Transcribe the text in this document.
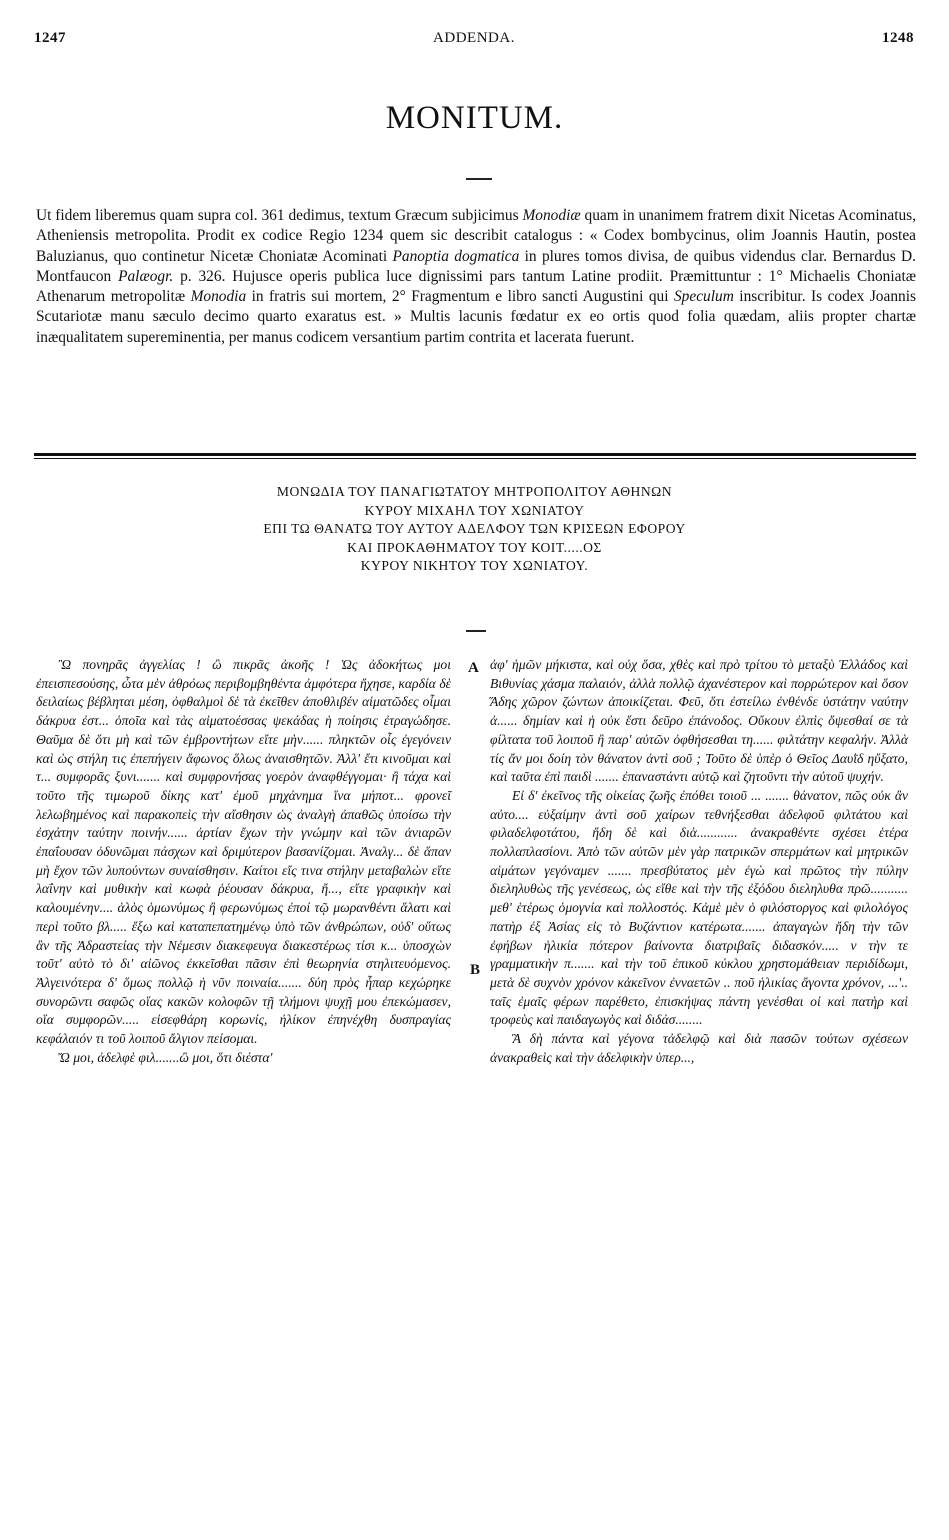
1247	ADDENDA.	1248
MONITUM.

Ut fidem liberemus quam supra col. 361 dedimus, textum Græcum subjicimus Monodiæ quam in unanimem fratrem dixit Nicetas Acominatus, Atheniensis metropolita. Prodit ex codice Regio 1234 quem sic describit catalogus : « Codex bombycinus, olim Joannis Hautin, postea Baluzianus, quo continetur Nicetæ Choniatæ Acominati Panoptia dogmatica in plures tomos divisa, de quibus videndus clar. Bernardus D. Montfaucon Palæogr. p. 326. Hujusce operis publica luce dignissimi pars tantum Latine prodiit. Præmittuntur : 1° Michaelis Choniatæ Athenarum metropolitæ Monodia in fratris sui mortem, 2° Fragmentum e libro sancti Augustini qui Speculum inscribitur. Is codex Joannis Scutariotæ manu sæculo decimo quarto exaratus est. » Multis lacunis fœdatur ex eo ortis quod folia quædam, aliis propter chartæ inæqualitatem supereminentia, per manus codicem versantium partim contrita et lacerata fuerunt.

ΜΟΝΩΔΙΑ ΤΟΥ ΠΑΝΑΓΙΩΤΑΤΟΥ ΜΗΤΡΟΠΟΛΙΤΟΥ ΑΘΗΝΩΝ
ΚΥΡΟΥ ΜΙΧΑΗΛ ΤΟΥ ΧΩΝΙΑΤΟΥ
ΕΠΙ ΤΩ ΘΑΝΑΤΩ ΤΟΥ ΑΥΤΟΥ ΑΔΕΛΦΟΥ ΤΩΝ ΚΡΙΣΕΩΝ ΕΦΟΡΟΥ
ΚΑΙ ΠΡΟΚΑΘΗΜΑΤΟΥ ΤΟΥ ΚΟΙΤ.....ΟΣ
ΚΥΡΟΥ ΝΙΚΗΤΟΥ ΤΟΥ ΧΩΝΙΑΤΟΥ.

Ὢ πονηρᾶς ἀγγελίας ! ὢ πικρᾶς ἀκοῆς ! Ὡς ἀδοκήτως μοι ἐπεισπεσούσης, ὦτα μὲν ἀθρόως περιβομβηθέντα ἀμφότερα ἤχησε, καρδία δὲ δειλαίως βέβληται μέση, ὀφθαλμοὶ δὲ τὰ ἐκεῖθεν ἀποθλιβέν αἱματῶδες οἶμαι δάκρυα ἐστ... ὁποῖα καὶ τὰς αἱματοέσσας ψεκάδας ἡ ποίησις ἐτραγώδησε. Θαῦμα δὲ ὅτι μὴ καὶ τῶν ἐμβροντήτων εἴτε μὴν...... πληκτῶν οἷς ἐγεγόνειν καὶ ὡς στήλη τις ἐπεπήγειν ἄφωνος ὅλως ἀναισθητῶν. Ἀλλ' ἔτι κινοῦμαι καὶ τ... συμφορᾶς ξυνι....... καὶ συμφρονήσας γοερὸν ἀναφθέγγομαι· ἢ τάχα καὶ τοῦτο τῆς τιμωροῦ δίκης κατ' ἐμοῦ μηχάνημα ἵνα μήποτ... φρονεῖ λελωβημένος καὶ παρακοπεὶς τὴν αἴσθησιν ὡς ἀναλγὴ ἀπαθῶς ὑποίσω τὴν ἐσχάτην ταύτην ποινήν...... ἀρτίαν ἔχων τὴν γνώμην καὶ τῶν ἀνιαρῶν ἐπαΐουσαν ὀδυνῶμαι πάσχων καὶ δριμύτερον βασανίζομαι. Ἀναλγ... δὲ ἅπαν μὴ ἔχον τῶν λυπούντων συναίσθησιν. Καίτοι εἴς τινα στήλην μεταβαλὼν εἴτε λαΐνην καὶ μυθικὴν καὶ κωφὰ ῥέουσαν δάκρυα, ἤ..., εἴτε γραφικὴν καὶ καλουμένην.... ἁλὸς ὁμωνύμως ἢ φερωνύμως ἐποί τῷ μωρανθέντι ἅλατι καὶ περὶ τοῦτο βλ..... ἔξω καὶ καταπεπατημένῳ ὑπὸ τῶν ἀνθρώπων, οὐδ' οὕτως ἂν τῆς Ἀδραστείας τὴν Νέμεσιν διακεφευγα διακεστέρως τίσι κ... ὑποσχὼν τοῦτ' αὐτὸ τὸ δι' αἰῶνος ἐκκεῖσθαι πᾶσιν ἐπὶ θεωρηνία στηλιτευόμενος. Ἀλγεινότερα δ' ὅμως πολλῷ ἡ νῦν ποιναία....... δύη πρὸς ἧπαρ κεχώρηκε συνορῶντι σαφῶς οἵας κακῶν κολοφῶν τῇ τλήμονι ψυχῇ μου ἐπεκώμασεν, οἵα συμφορῶν..... εἰσεφθάρη κορωνίς, ἠλίκον ἐπηνέχθη δυσπραγίας κεφάλαιόν τι τοῦ λοιποῦ ἄλγιον πείσομαι.

Ὤ μοι, ἀδελφὲ φιλ.......ὢ μοι, ὅτι διέστα'

A
B

ἀφ' ἡμῶν μήκιστα, καὶ οὐχ ὅσα, χθὲς καὶ πρὸ τρίτου τὸ μεταξὺ Ἑλλάδος καὶ Βιθυνίας χάσμα παλαιόν, ἀλλὰ πολλῷ ἀχανέστερον καὶ πορρώτερον καὶ ὅσον Ἅδης χῶρον ζώντων ἀποικίζεται. Φεῦ, ὅτι ἐστείλω ἐνθένδε ὑστάτην ναύτην ἀ...... δημίαν καὶ ἡ οὐκ ἔστι δεῦρο ἐπάνοδος. Οὔκουν ἐλπὶς ὄψεσθαί σε τὰ φίλτατα τοῦ λοιποῦ ἢ παρ' αὐτῶν ὀφθήσεσθαι τη...... φιλτάτην κεφαλήν. Ἀλλὰ τίς ἄν μοι δοίη τὸν θάνατον ἀντὶ σοῦ ; Τοῦτο δὲ ὑπὲρ ὁ Θεῖος Δαυῒδ ηὔξατο, καὶ ταῦτα ἐπὶ παιδὶ ....... ἐπαναστάντι αὐτῷ καὶ ζητοῦντι τὴν αὐτοῦ ψυχήν.

Εἰ δ' ἐκεῖνος τῆς οἰκείας ζωῆς ἐπόθει τοιοῦ ... ....... θάνατον, πῶς οὐκ ἂν αὐτο.... εὐξαίμην ἀντὶ σοῦ χαίρων τεθνήξεσθαι ἀδελφοῦ φιλτάτου καὶ φιλαδελφοτάτου, ἤδη δὲ καὶ διὰ............ ἀνακραθέντε σχέσει ἑτέρα πολλαπλασίονι. Ἀπὸ τῶν αὐτῶν μὲν γὰρ πατρικῶν σπερμάτων καὶ μητρικῶν αἱμάτων γεγόναμεν ....... πρεσβύτατος μὲν ἐγὼ καὶ πρῶτος τὴν πύλην διεληλυθὼς τῆς γενέσεως, ὡς εἴθε καὶ τὴν τῆς ἐξόδου διεληλυθα πρῶ........... μεθ' ἑτέρως ὁμογνία καὶ πολλοστός. Κἀμὲ μὲν ὁ φιλόστοργος καὶ φιλολόγος πατὴρ ἐξ Ἀσίας εἰς τὸ Βυζάντιον κατέρωτα....... ἀπαγαγὼν ἤδη τὴν τῶν ἐφήβων ἡλικία πότερον βαίνοντα διατριβαῖς διδασκόν..... ν τὴν τε γραμματικὴν π....... καὶ τὴν τοῦ ἐπικοῦ κύκλου χρηστομάθειαν περιδίδωμι, μετὰ δὲ συχνὸν χρόνον κἀκεῖνον ἐνναετῶν .. ποῦ ἡλικίας ἄγοντα χρόνον, ...'.. ταῖς ἐμαῖς φέρων παρέθετο, ἐπισκήψας πάντη γενέσθαι οἱ καὶ πατὴρ καὶ τροφεὺς καὶ παιδαγωγὸς καὶ διδάσ........

Ἃ δὴ πάντα καὶ γέγονα τἀδελφῷ καὶ διὰ πασῶν τούτων σχέσεων ἀνακραθεὶς καὶ τὴν ἀδελφικὴν ὑπερ...,
